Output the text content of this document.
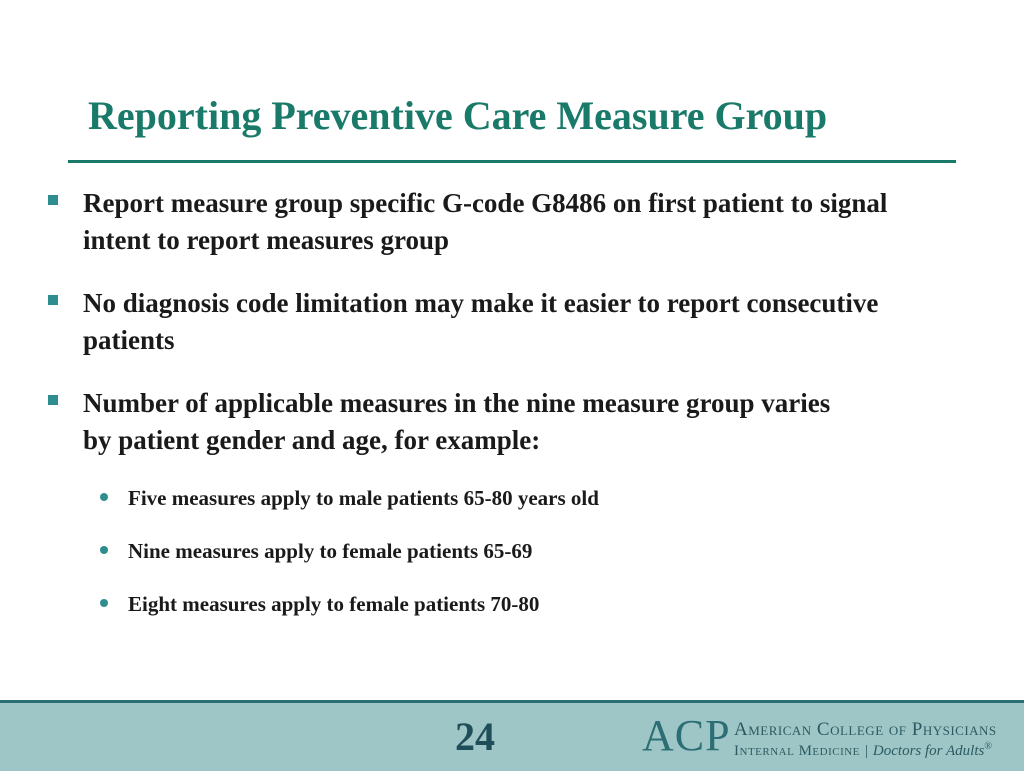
Reporting Preventive Care Measure Group
Report measure group specific G-code G8486 on first patient to signal intent to report measures group
No diagnosis code limitation may make it easier to report consecutive patients
Number of applicable measures in the nine measure group varies by patient gender and age, for example:
Five measures apply to male patients 65-80 years old
Nine measures apply to female patients 65-69
Eight measures apply to female patients 70-80
24	ACP American College of Physicians
Internal Medicine | Doctors for Adults®
